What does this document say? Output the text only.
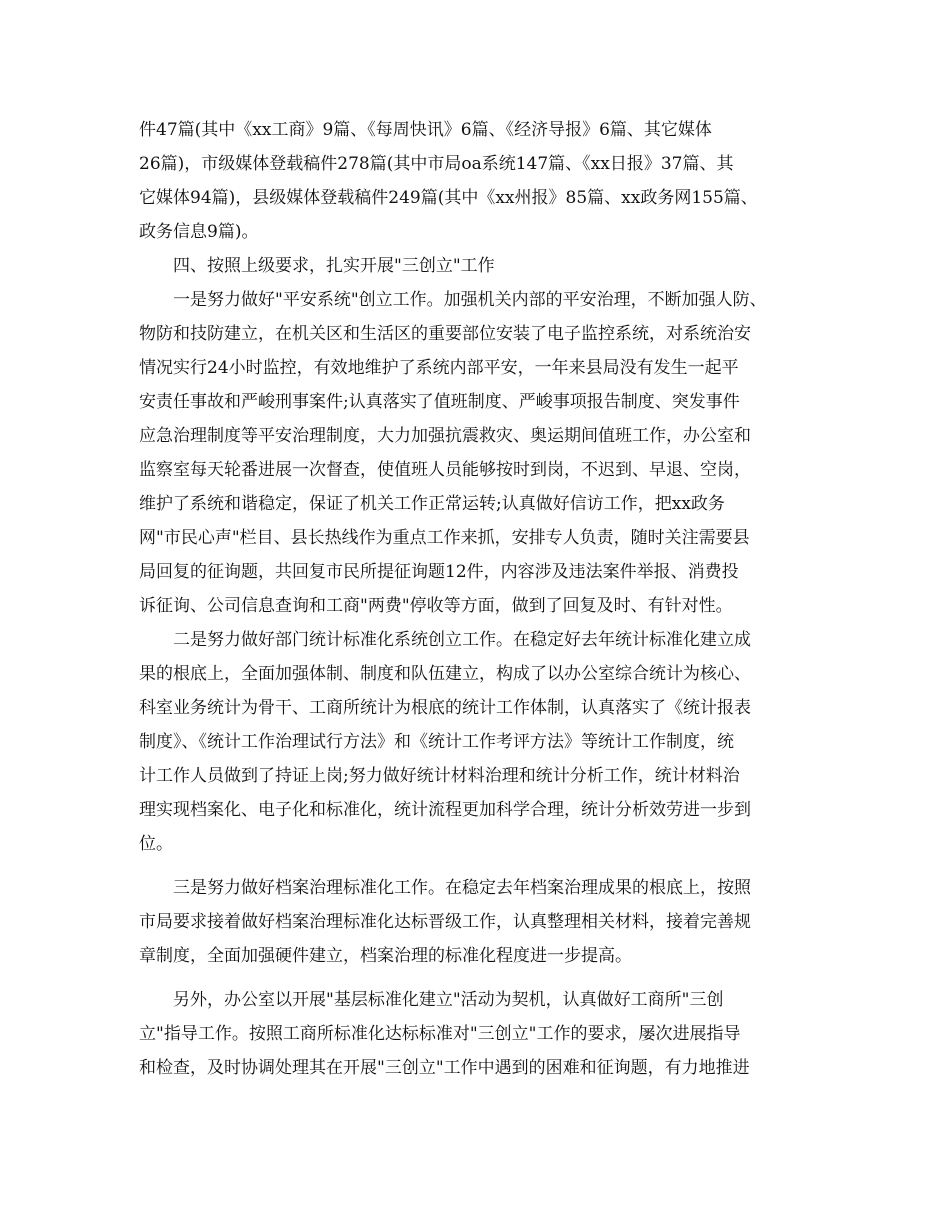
件47篇(其中《xx工商》9篇、《每周快讯》6篇、《经济导报》6篇、其它媒体
26篇)，市级媒体登载稿件278篇(其中市局oa系统147篇、《xx日报》37篇、其
它媒体94篇)，县级媒体登载稿件249篇(其中《xx州报》85篇、xx政务网155篇、
政务信息9篇)。
　　四、按照上级要求，扎实开展"三创立"工作
　　一是努力做好"平安系统"创立工作。加强机关内部的平安治理，不断加强人防、
物防和技防建立，在机关区和生活区的重要部位安装了电子监控系统，对系统治安
情况实行24小时监控，有效地维护了系统内部平安，一年来县局没有发生一起平
安责任事故和严峻刑事案件;认真落实了值班制度、严峻事项报告制度、突发事件
应急治理制度等平安治理制度，大力加强抗震救灾、奥运期间值班工作，办公室和
监察室每天轮番进展一次督查，使值班人员能够按时到岗，不迟到、早退、空岗，
维护了系统和谐稳定，保证了机关工作正常运转;认真做好信访工作，把xx政务
网"市民心声"栏目、县长热线作为重点工作来抓，安排专人负责，随时关注需要县
局回复的征询题，共回复市民所提征询题12件，内容涉及违法案件举报、消费投
诉征询、公司信息查询和工商"两费"停收等方面，做到了回复及时、有针对性。
　　二是努力做好部门统计标准化系统创立工作。在稳定好去年统计标准化建立成
果的根底上，全面加强体制、制度和队伍建立，构成了以办公室综合统计为核心、
科室业务统计为骨干、工商所统计为根底的统计工作体制，认真落实了《统计报表
制度》、《统计工作治理试行方法》和《统计工作考评方法》等统计工作制度，统
计工作人员做到了持证上岗;努力做好统计材料治理和统计分析工作，统计材料治
理实现档案化、电子化和标准化，统计流程更加科学合理，统计分析效劳进一步到
位。
　　三是努力做好档案治理标准化工作。在稳定去年档案治理成果的根底上，按照
市局要求接着做好档案治理标准化达标晋级工作，认真整理相关材料，接着完善规
章制度，全面加强硬件建立，档案治理的标准化程度进一步提高。
　　另外，办公室以开展"基层标准化建立"活动为契机，认真做好工商所"三创
立"指导工作。按照工商所标准化达标标准对"三创立"工作的要求，屡次进展指导
和检查，及时协调处理其在开展"三创立"工作中遇到的困难和征询题，有力地推进
